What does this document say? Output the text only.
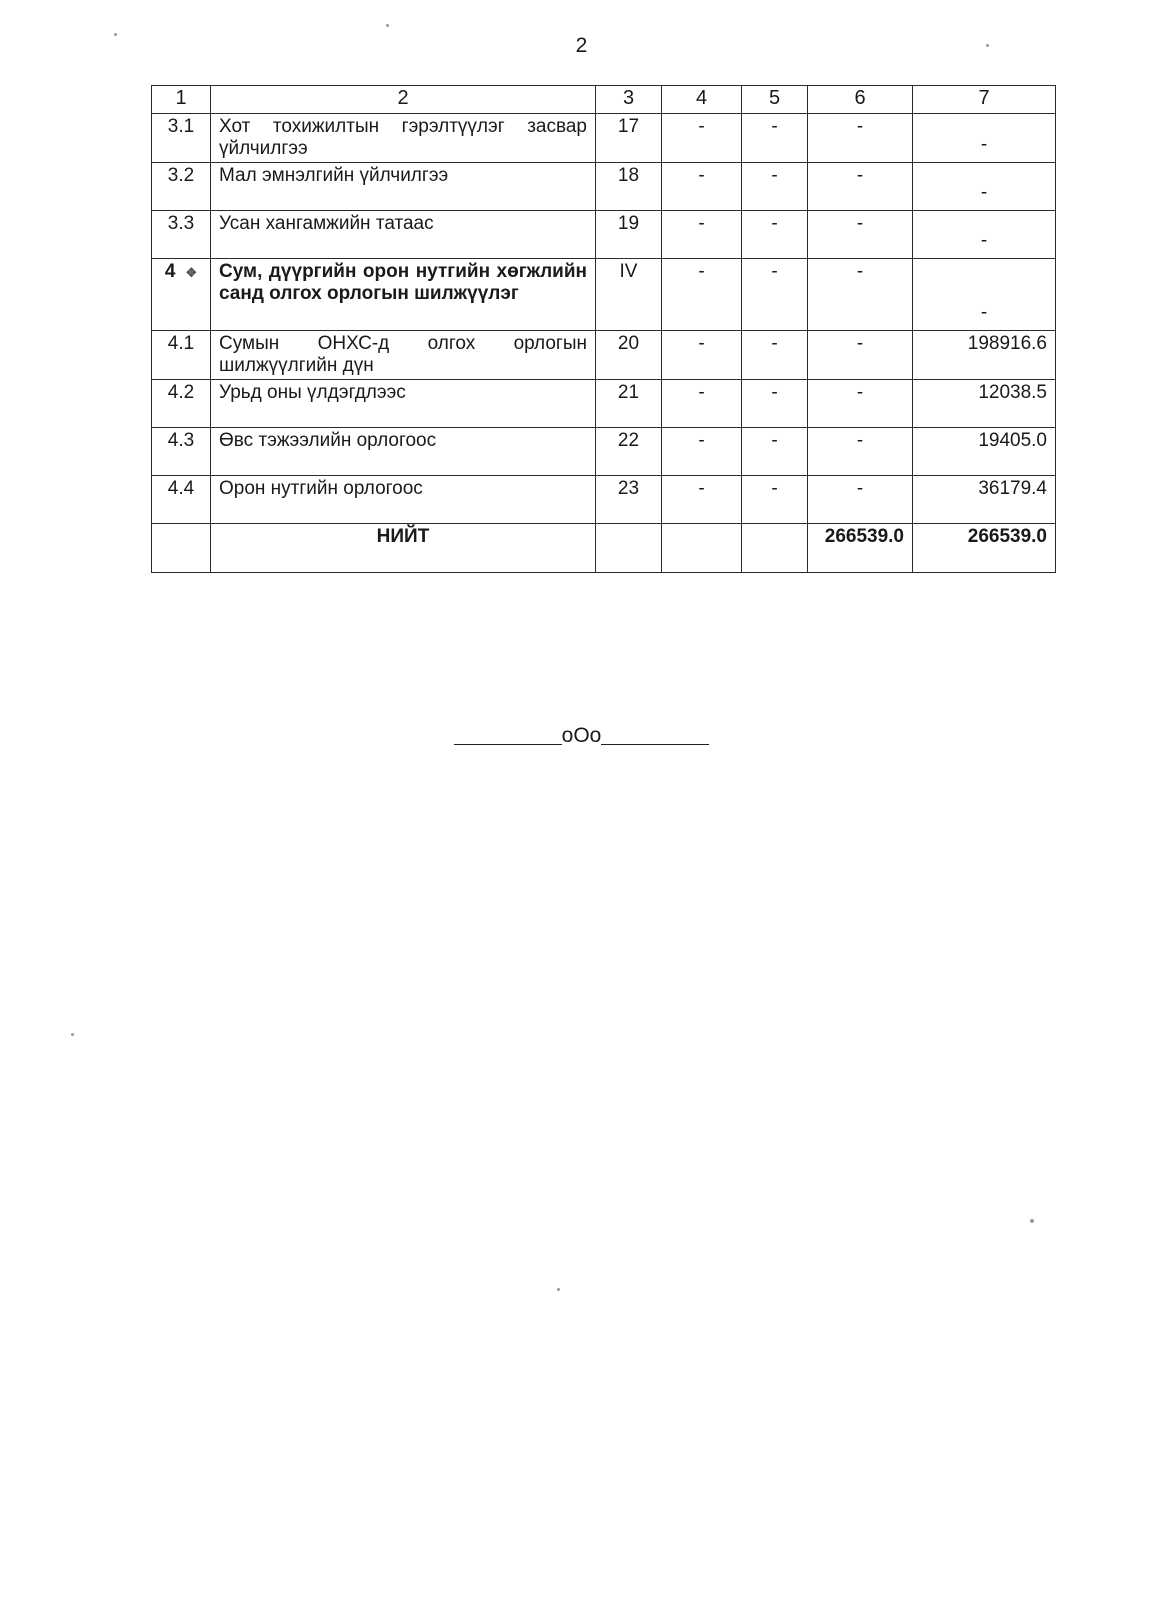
2
1	2	3	4	5	6	7
3.1	Хот тохижилтын гэрэлтүүлэг засвар үйлчилгээ	17	-	-	-	-
3.2	Мал эмнэлгийн үйлчилгээ	18	-	-	-	-
3.3	Усан хангамжийн татаас	19	-	-	-	-
4 ❖	Сум, дүүргийн орон нутгийн хөгжлийн санд олгох орлогын шилжүүлэг	IV	-	-	-	-
4.1	Сумын ОНХС-д олгох орлогын шилжүүлгийн дүн	20	-	-	-	198916.6
4.2	Урьд оны үлдэгдлээс	21	-	-	-	12038.5
4.3	Өвс тэжээлийн орлогоос	22	-	-	-	19405.0
4.4	Орон нутгийн орлогоос	23	-	-	-	36179.4
	НИЙТ				266539.0	266539.0
oOo
